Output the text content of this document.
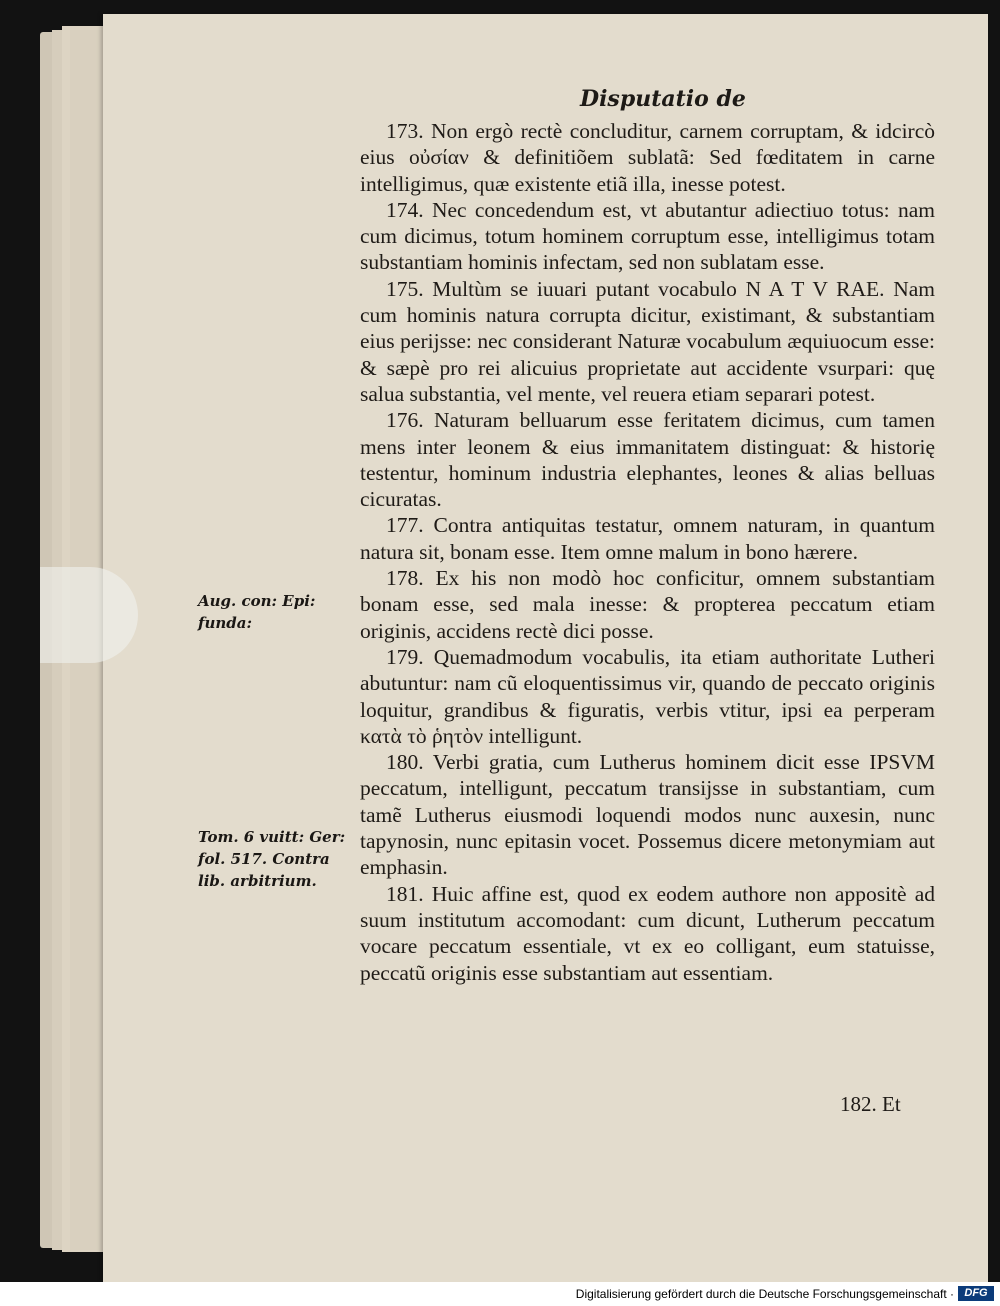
Disputatio de

173. Non ergò rectè concluditur, carnem corruptam, & idcircò eius οὐσίαν & definitiõem sublatã: Sed fœditatem in carne intelligimus, quæ existente etiã illa, inesse potest.

174. Nec concedendum est, vt abutantur adiectiuo totus: nam cum dicimus, totum hominem corruptum esse, intelligimus totam substantiam hominis infectam, sed non sublatam esse.

175. Multùm se iuuari putant vocabulo N A T V RAE. Nam cum hominis natura corrupta dicitur, existimant, & substantiam eius perijsse: nec considerant Naturæ vocabulum æquiuocum esse: & sæpè pro rei alicuius proprietate aut accidente vsurpari: quę salua substantia, vel mente, vel reuera etiam separari potest.

176. Naturam belluarum esse feritatem dicimus, cum tamen mens inter leonem & eius immanitatem distinguat: & historię testentur, hominum industria elephantes, leones & alias belluas cicuratas.

177. Contra antiquitas testatur, omnem naturam, in quantum natura sit, bonam esse. Item omne malum in bono hærere.

178. Ex his non modò hoc conficitur, omnem substantiam bonam esse, sed mala inesse: & propterea peccatum etiam originis, accidens rectè dici posse.

179. Quemadmodum vocabulis, ita etiam authoritate Lutheri abutuntur: nam cũ eloquentissimus vir, quando de peccato originis loquitur, grandibus & figuratis, verbis vtitur, ipsi ea perperam κατὰ τὸ ῥητὸν intelligunt.

180. Verbi gratia, cum Lutherus hominem dicit esse IPSVM peccatum, intelligunt, peccatum transijsse in substantiam, cum tamẽ Lutherus eiusmodi loquendi modos nunc auxesin, nunc tapynosin, nunc epitasin vocet. Possemus dicere metonymiam aut emphasin.

181. Huic affine est, quod ex eodem authore non appositè ad suum institutum accomodant: cum dicunt, Lutherum peccatum vocare peccatum essentiale, vt ex eo colligant, eum statuisse, peccatũ originis esse substantiam aut essentiam.

Aug. con: Epi: funda:
Tom. 6 vuitt: Ger: fol. 517. Contra lib. arbitrium.
182. Et
Digitalisierung gefördert durch die Deutsche Forschungsgemeinschaft · DFG
